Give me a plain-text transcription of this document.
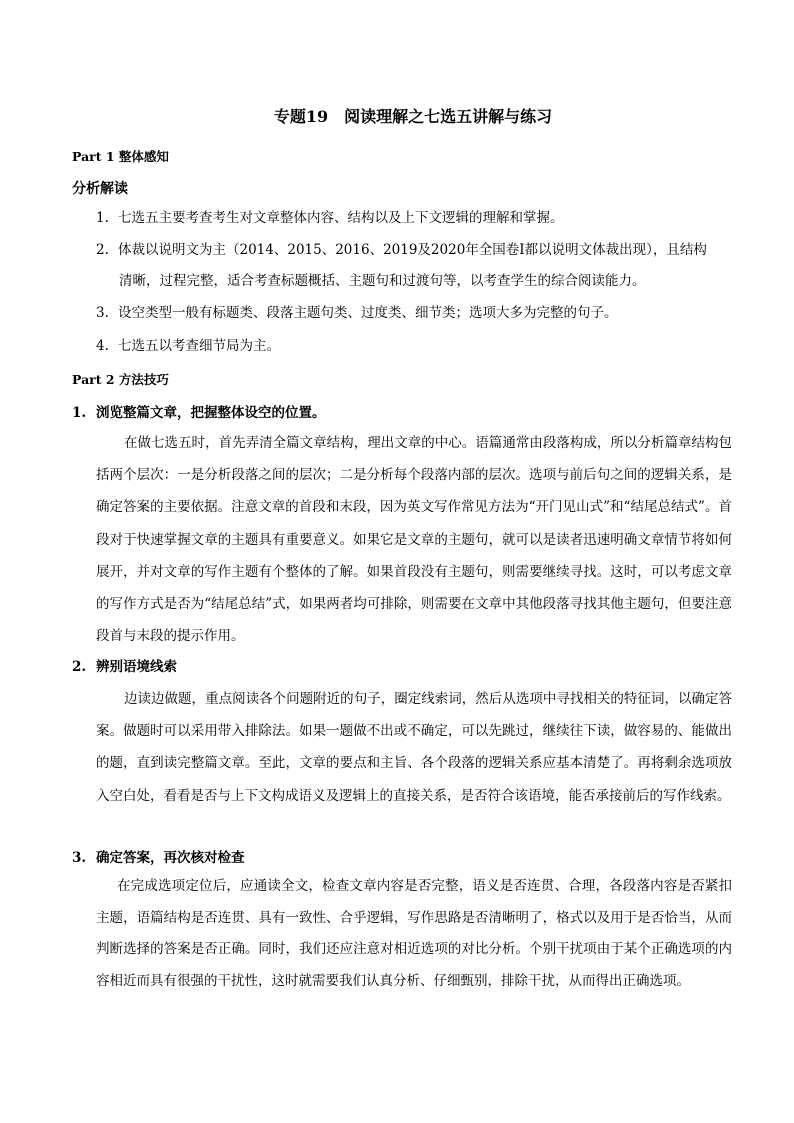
专题19　阅读理解之七选五讲解与练习
Part 1 整体感知
分析解读
1. 七选五主要考查考生对文章整体内容、结构以及上下文逻辑的理解和掌握。
2. 体裁以说明文为主（2014、2015、2016、2019及2020年全国卷Ⅰ都以说明文体裁出现），且结构
清晰，过程完整，适合考查标题概括、主题句和过渡句等，以考查学生的综合阅读能力。
3. 设空类型一般有标题类、段落主题句类、过度类、细节类；选项大多为完整的句子。
4. 七选五以考查细节局为主。
Part 2 方法技巧
1. 浏览整篇文章，把握整体设空的位置。
在做七选五时，首先弄清全篇文章结构，理出文章的中心。语篇通常由段落构成，所以分析篇章结构包括两个层次：一是分析段落之间的层次；二是分析每个段落内部的层次。选项与前后句之间的逻辑关系，是确定答案的主要依据。注意文章的首段和末段，因为英文写作常见方法为“开门见山式”和“结尾总结式”。首段对于快速掌握文章的主题具有重要意义。如果它是文章的主题句，就可以是读者迅速明确文章情节将如何展开，并对文章的写作主题有个整体的了解。如果首段没有主题句，则需要继续寻找。这时，可以考虑文章的写作方式是否为“结尾总结”式，如果两者均可排除，则需要在文章中其他段落寻找其他主题句，但要注意段首与末段的提示作用。
2. 辨别语境线索
边读边做题，重点阅读各个问题附近的句子，圈定线索词，然后从选项中寻找相关的特征词，以确定答案。做题时可以采用带入排除法。如果一题做不出或不确定，可以先跳过，继续往下读，做容易的、能做出的题，直到读完整篇文章。至此，文章的要点和主旨、各个段落的逻辑关系应基本清楚了。再将剩余选项放入空白处，看看是否与上下文构成语义及逻辑上的直接关系，是否符合该语境，能否承接前后的写作线索。
3. 确定答案，再次核对检查
在完成选项定位后，应通读全文，检查文章内容是否完整，语义是否连贯、合理，各段落内容是否紧扣主题，语篇结构是否连贯、具有一致性、合乎逻辑，写作思路是否清晰明了，格式以及用于是否恰当，从而判断选择的答案是否正确。同时，我们还应注意对相近选项的对比分析。个别干扰项由于某个正确选项的内容相近而具有很强的干扰性，这时就需要我们认真分析、仔细甄别，排除干扰，从而得出正确选项。
